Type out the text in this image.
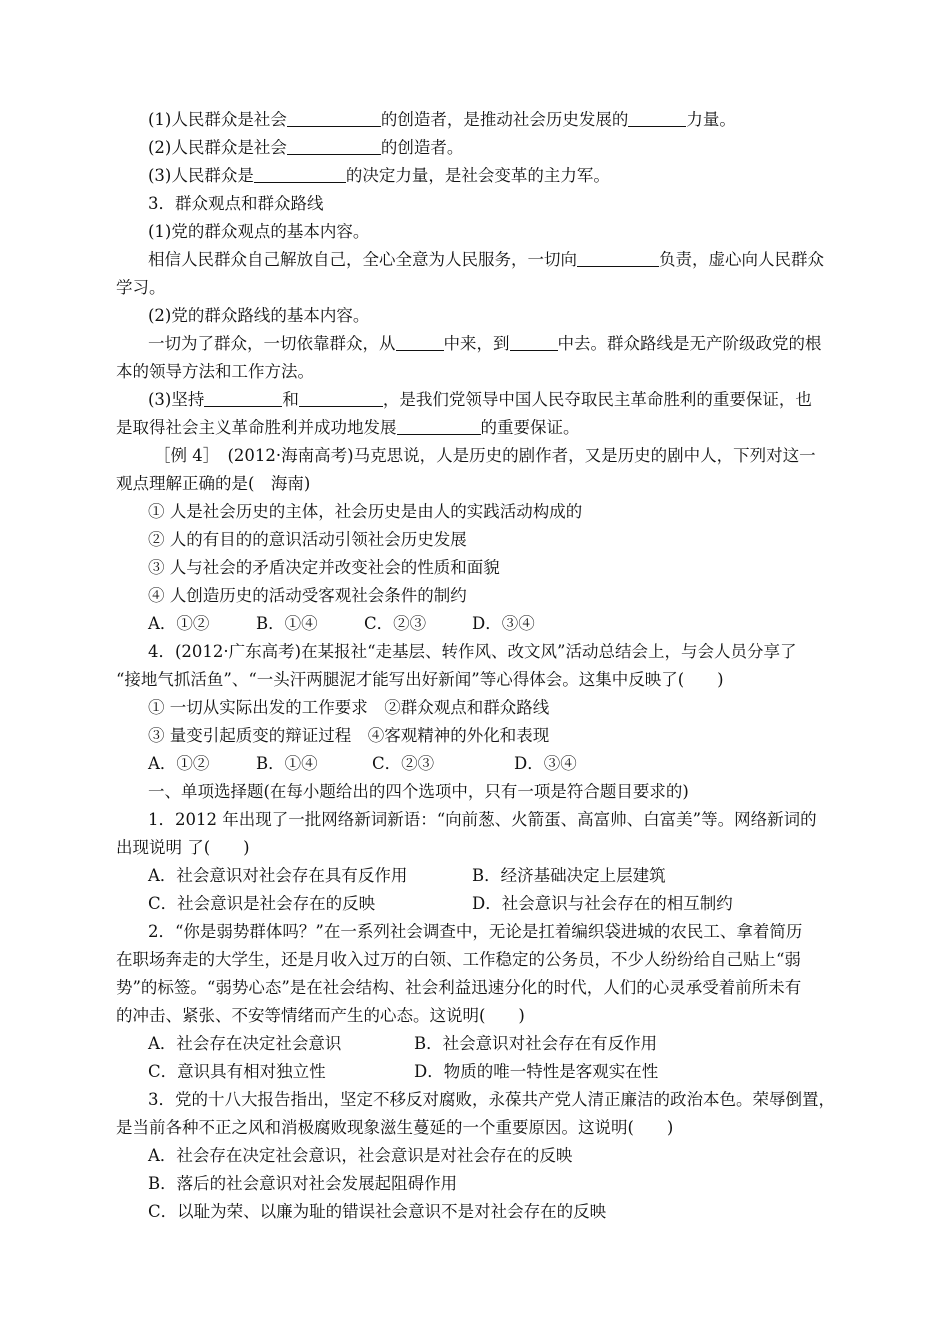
(1)人民群众是社会	的创造者，是推动社会历史发展的	力量。
(2)人民群众是社会	的创造者。
(3)人民群众是	的决定力量，是社会变革的主力军。
3．群众观点和群众路线
(1)党的群众观点的基本内容。
相信人民群众自己解放自己，全心全意为人民服务，一切向	负责，虚心向人民群众
学习。
(2)党的群众路线的基本内容。
一切为了群众，一切依靠群众，从	中来，到	中去。群众路线是无产阶级政党的根
本的领导方法和工作方法。
(3)坚持	和	，是我们党领导中国人民夺取民主革命胜利的重要保证，也
是取得社会主义革命胜利并成功地发展	的重要保证。
［例 4］　(2012·海南高考)马克思说，人是历史的剧作者，又是历史的剧中人，下列对这一
观点理解正确的是(　海南)
① 人是社会历史的主体，社会历史是由人的实践活动构成的
② 人的有目的的意识活动引领社会历史发展
③ 人与社会的矛盾决定并改变社会的性质和面貌
④ 人创造历史的活动受客观社会条件的制约
A．①②	B．①④	C．②③	D．③④
4．(2012·广东高考)在某报社“走基层、转作风、改文风”活动总结会上，与会人员分享了
“接地气抓活鱼”、“一头汗两腿泥才能写出好新闻”等心得体会。这集中反映了(　　)
① 一切从实际出发的工作要求　②群众观点和群众路线
③ 量变引起质变的辩证过程　④客观精神的外化和表现
A．①②	B．①④	C．②③	D．③④
一、单项选择题(在每小题给出的四个选项中，只有一项是符合题目要求的)
1．2012 年出现了一批网络新词新语：“向前葱、火箭蛋、高富帅、白富美”等。网络新词的
出现说明 了(　　)
A．社会意识对社会存在具有反作用	B．经济基础决定上层建筑
C．社会意识是社会存在的反映	D．社会意识与社会存在的相互制约
2．“你是弱势群体吗？”在一系列社会调查中，无论是扛着编织袋进城的农民工、拿着简历
在职场奔走的大学生，还是月收入过万的白领、工作稳定的公务员，不少人纷纷给自己贴上“弱
势”的标签。“弱势心态”是在社会结构、社会利益迅速分化的时代，人们的心灵承受着前所未有
的冲击、紧张、不安等情绪而产生的心态。这说明(　　)
A．社会存在决定社会意识	B．社会意识对社会存在有反作用
C．意识具有相对独立性	D．物质的唯一特性是客观实在性
3．党的十八大报告指出，坚定不移反对腐败，永葆共产党人清正廉洁的政治本色。荣辱倒置，
是当前各种不正之风和消极腐败现象滋生蔓延的一个重要原因。这说明(　　)
A．社会存在决定社会意识，社会意识是对社会存在的反映
B．落后的社会意识对社会发展起阻碍作用
C．以耻为荣、以廉为耻的错误社会意识不是对社会存在的反映
